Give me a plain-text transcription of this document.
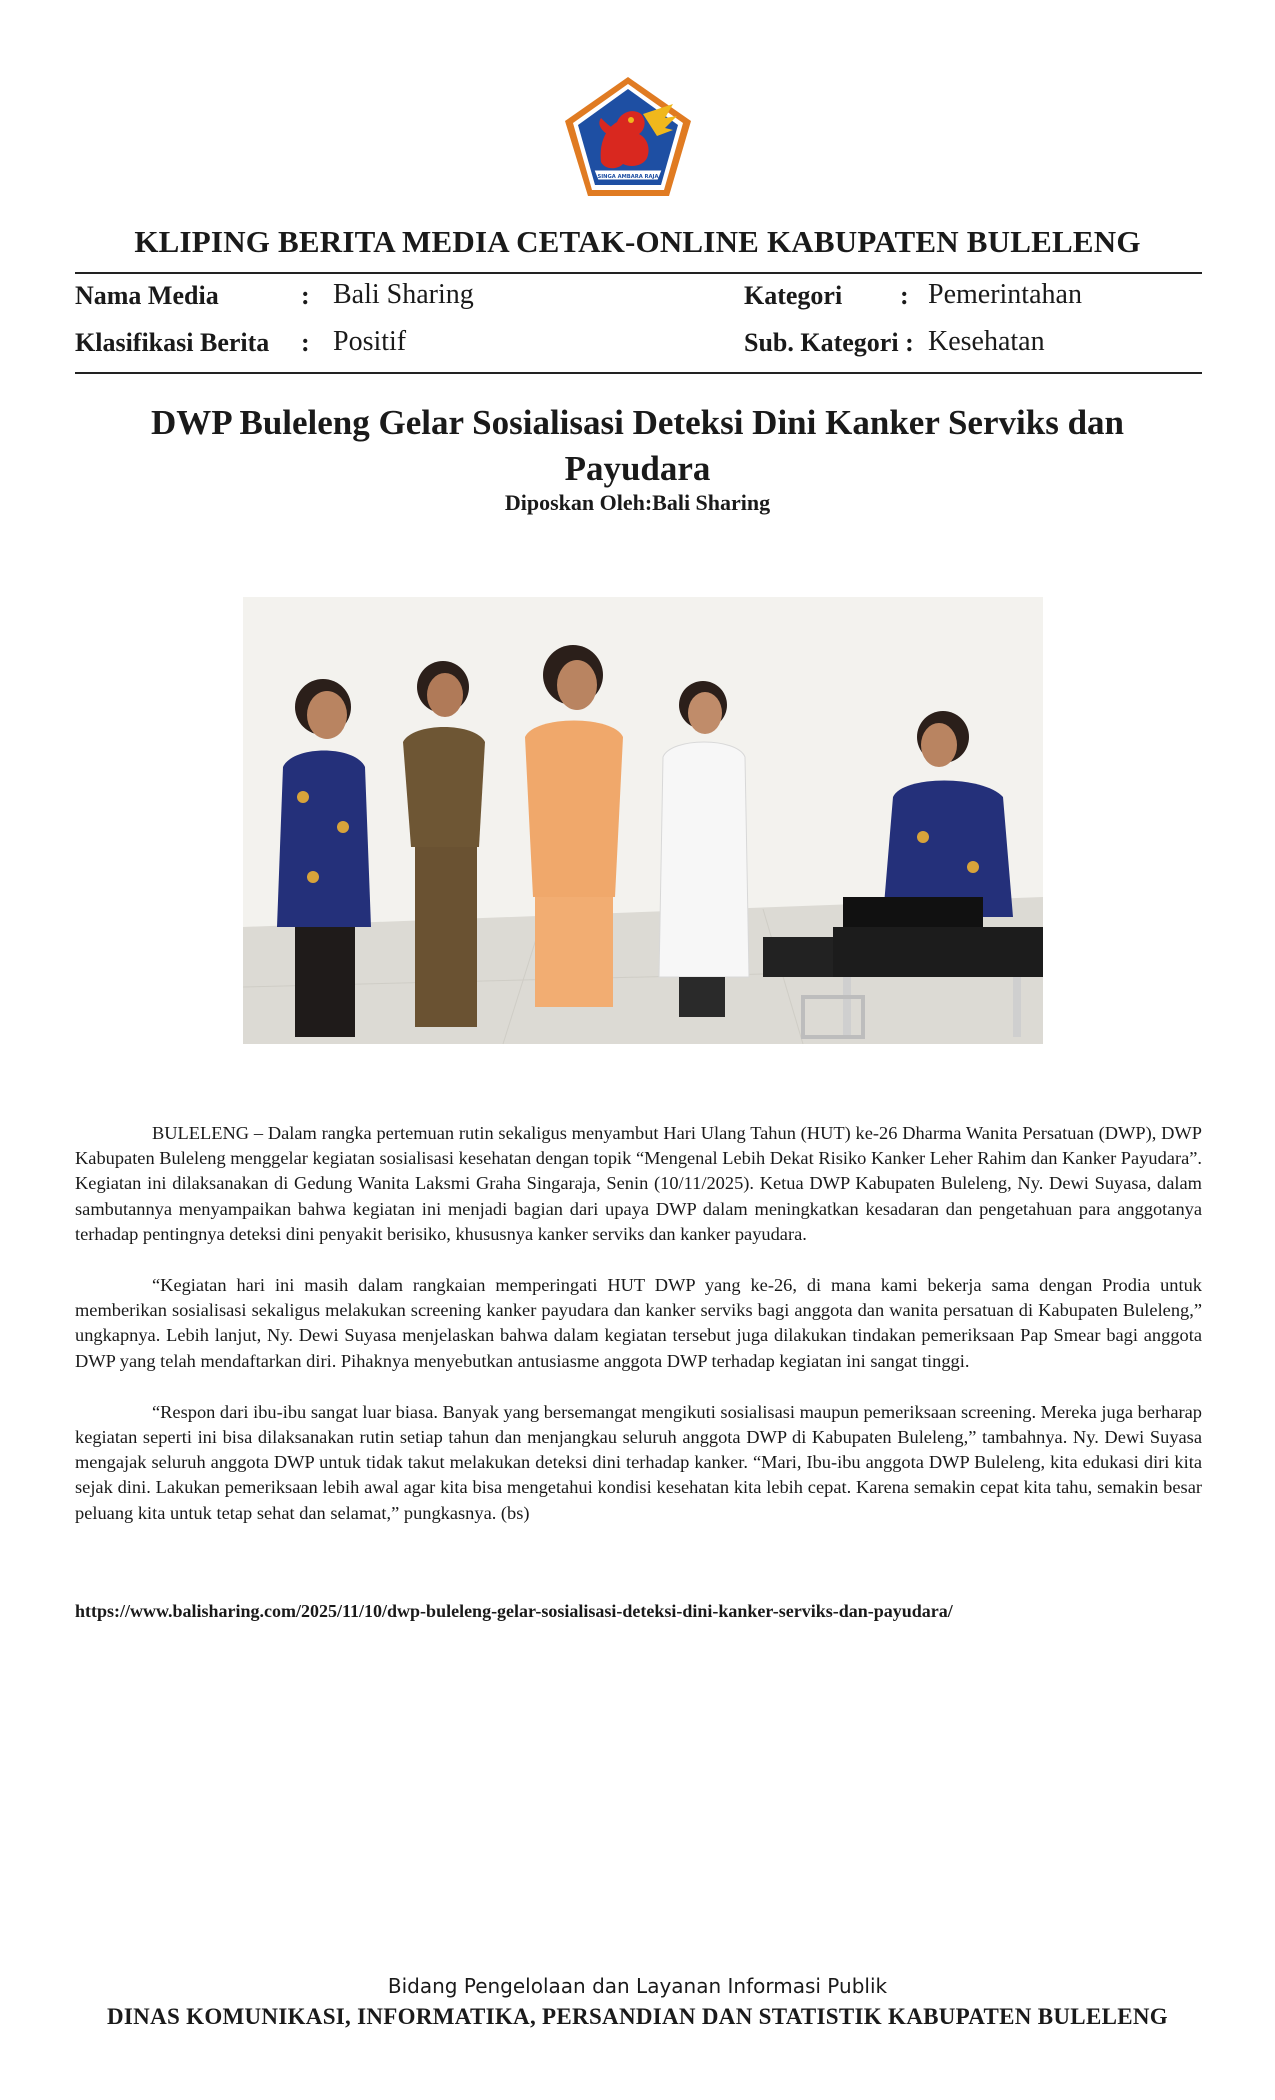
SINGA AMBARA RAJA
KLIPING BERITA MEDIA CETAK-ONLINE KABUPATEN BULELENG
Nama Media	: Bali Sharing
Klasifikasi Berita : Positif
Kategori : Pemerintahan
Sub. Kategori : Kesehatan
DWP Buleleng Gelar Sosialisasi Deteksi Dini Kanker Serviks dan Payudara
Diposkan Oleh:Bali Sharing

BULELENG – Dalam rangka pertemuan rutin sekaligus menyambut Hari Ulang Tahun (HUT) ke-26 Dharma Wanita Persatuan (DWP), DWP Kabupaten Buleleng menggelar kegiatan sosialisasi kesehatan dengan topik “Mengenal Lebih Dekat Risiko Kanker Leher Rahim dan Kanker Payudara”. Kegiatan ini dilaksanakan di Gedung Wanita Laksmi Graha Singaraja, Senin (10/11/2025). Ketua DWP Kabupaten Buleleng, Ny. Dewi Suyasa, dalam sambutannya menyampaikan bahwa kegiatan ini menjadi bagian dari upaya DWP dalam meningkatkan kesadaran dan pengetahuan para anggotanya terhadap pentingnya deteksi dini penyakit berisiko, khususnya kanker serviks dan kanker payudara.

“Kegiatan hari ini masih dalam rangkaian memperingati HUT DWP yang ke-26, di mana kami bekerja sama dengan Prodia untuk memberikan sosialisasi sekaligus melakukan screening kanker payudara dan kanker serviks bagi anggota dan wanita persatuan di Kabupaten Buleleng,” ungkapnya. Lebih lanjut, Ny. Dewi Suyasa menjelaskan bahwa dalam kegiatan tersebut juga dilakukan tindakan pemeriksaan Pap Smear bagi anggota DWP yang telah mendaftarkan diri. Pihaknya menyebutkan antusiasme anggota DWP terhadap kegiatan ini sangat tinggi.

“Respon dari ibu-ibu sangat luar biasa. Banyak yang bersemangat mengikuti sosialisasi maupun pemeriksaan screening. Mereka juga berharap kegiatan seperti ini bisa dilaksanakan rutin setiap tahun dan menjangkau seluruh anggota DWP di Kabupaten Buleleng,” tambahnya. Ny. Dewi Suyasa mengajak seluruh anggota DWP untuk tidak takut melakukan deteksi dini terhadap kanker. “Mari, Ibu-ibu anggota DWP Buleleng, kita edukasi diri kita sejak dini. Lakukan pemeriksaan lebih awal agar kita bisa mengetahui kondisi kesehatan kita lebih cepat. Karena semakin cepat kita tahu, semakin besar peluang kita untuk tetap sehat dan selamat,” pungkasnya. (bs)

https://www.balisharing.com/2025/11/10/dwp-buleleng-gelar-sosialisasi-deteksi-dini-kanker-serviks-dan-payudara/
Bidang Pengelolaan dan Layanan Informasi Publik
DINAS KOMUNIKASI, INFORMATIKA, PERSANDIAN DAN STATISTIK KABUPATEN BULELENG
